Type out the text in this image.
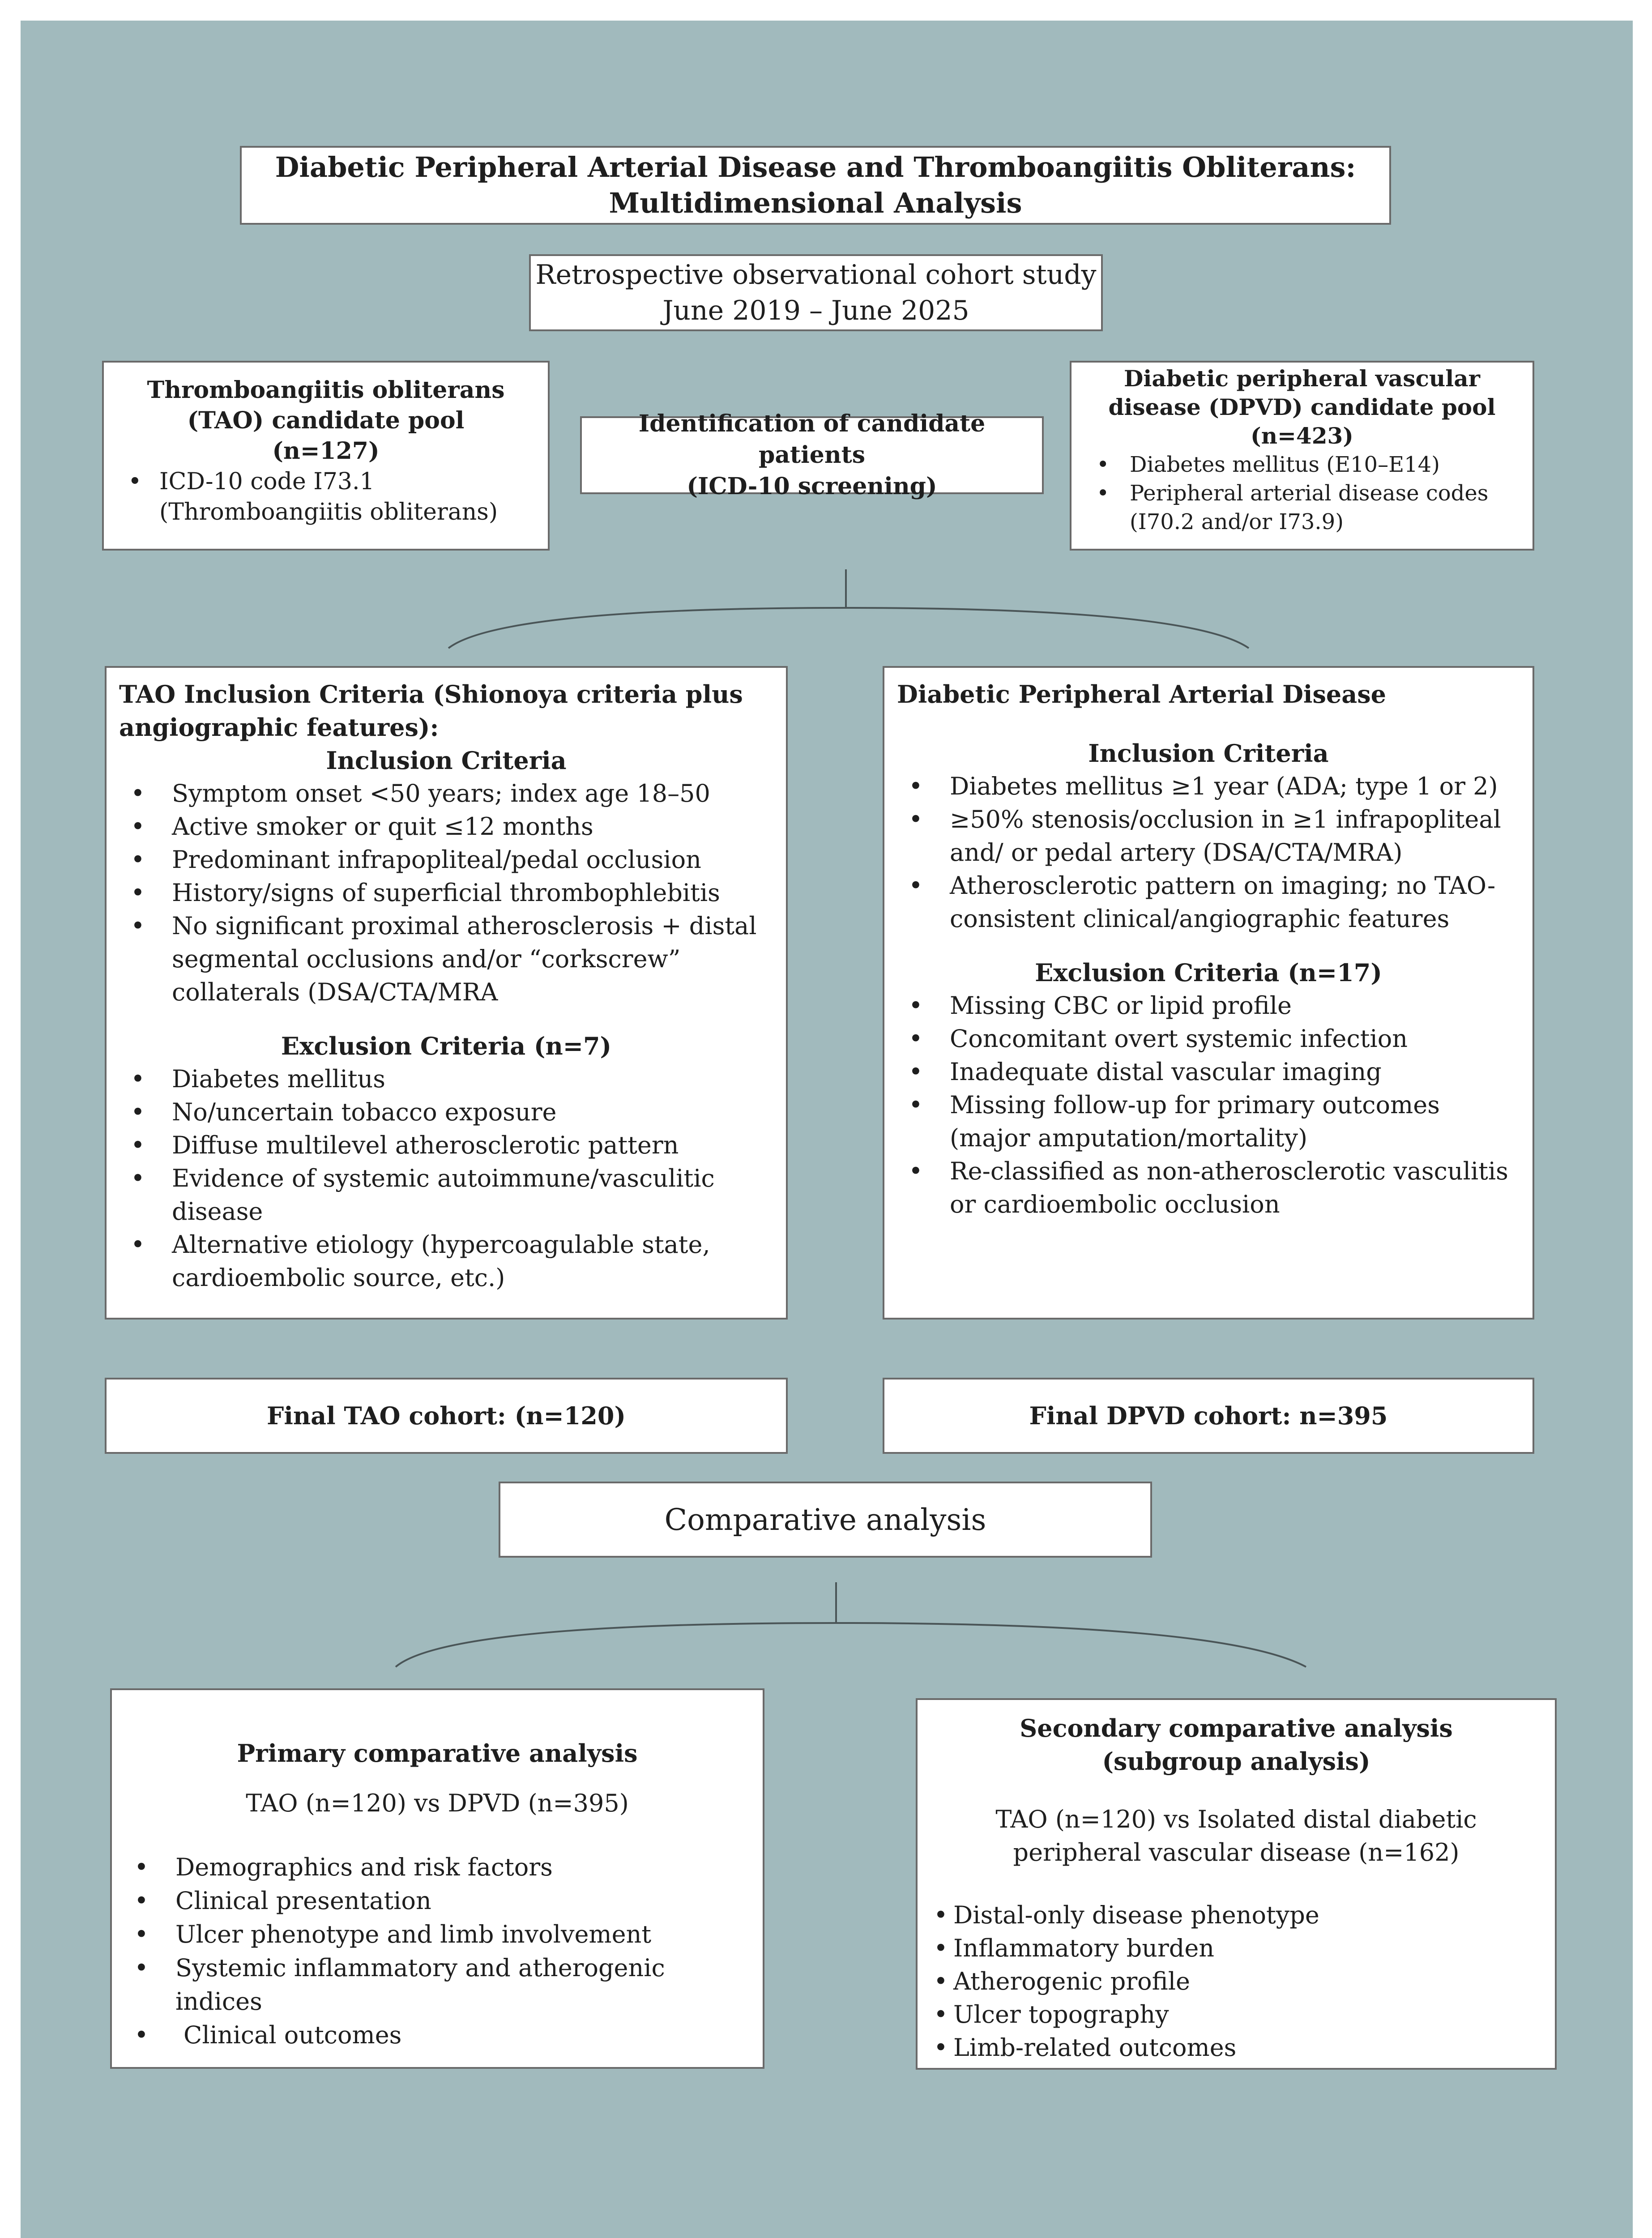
Diabetic Peripheral Arterial Disease and Thromboangiitis Obliterans: Multidimensional Analysis
Retrospective observational cohort study
June 2019 – June 2025
Thromboangiitis obliterans (TAO) candidate pool
(n=127)
• ICD-10 code I73.1 (Thromboangiitis obliterans)
Identification of candidate patients
(ICD-10 screening)
Diabetic peripheral vascular disease (DPVD) candidate pool
(n=423)
• Diabetes mellitus (E10–E14)
• Peripheral arterial disease codes (I70.2 and/or I73.9)
TAO Inclusion Criteria (Shionoya criteria plus angiographic features):
Inclusion Criteria
• Symptom onset <50 years; index age 18–50
• Active smoker or quit ≤12 months
• Predominant infrapopliteal/pedal occlusion
• History/signs of superficial thrombophlebitis
• No significant proximal atherosclerosis + distal segmental occlusions and/or “corkscrew” collaterals (DSA/CTA/MRA
Exclusion Criteria (n=7)
• Diabetes mellitus
• No/uncertain tobacco exposure
• Diffuse multilevel atherosclerotic pattern
• Evidence of systemic autoimmune/vasculitic disease
• Alternative etiology (hypercoagulable state, cardioembolic source, etc.)
Diabetic Peripheral Arterial Disease
Inclusion Criteria
• Diabetes mellitus ≥1 year (ADA; type 1 or 2)
• ≥50% stenosis/occlusion in ≥1 infrapopliteal and/ or pedal artery (DSA/CTA/MRA)
• Atherosclerotic pattern on imaging; no TAO-consistent clinical/angiographic features
Exclusion Criteria (n=17)
• Missing CBC or lipid profile
• Concomitant overt systemic infection
• Inadequate distal vascular imaging
• Missing follow-up for primary outcomes (major amputation/mortality)
• Re-classified as non-atherosclerotic vasculitis or cardioembolic occlusion
Final TAO cohort: (n=120)	Final DPVD cohort: n=395
Comparative analysis
Primary comparative analysis
TAO (n=120) vs DPVD (n=395)
• Demographics and risk factors
• Clinical presentation
• Ulcer phenotype and limb involvement
• Systemic inflammatory and atherogenic indices
• Clinical outcomes
Secondary comparative analysis
(subgroup analysis)
TAO (n=120) vs Isolated distal diabetic peripheral vascular disease (n=162)
• Distal-only disease phenotype
• Inflammatory burden
• Atherogenic profile
• Ulcer topography
• Limb-related outcomes
